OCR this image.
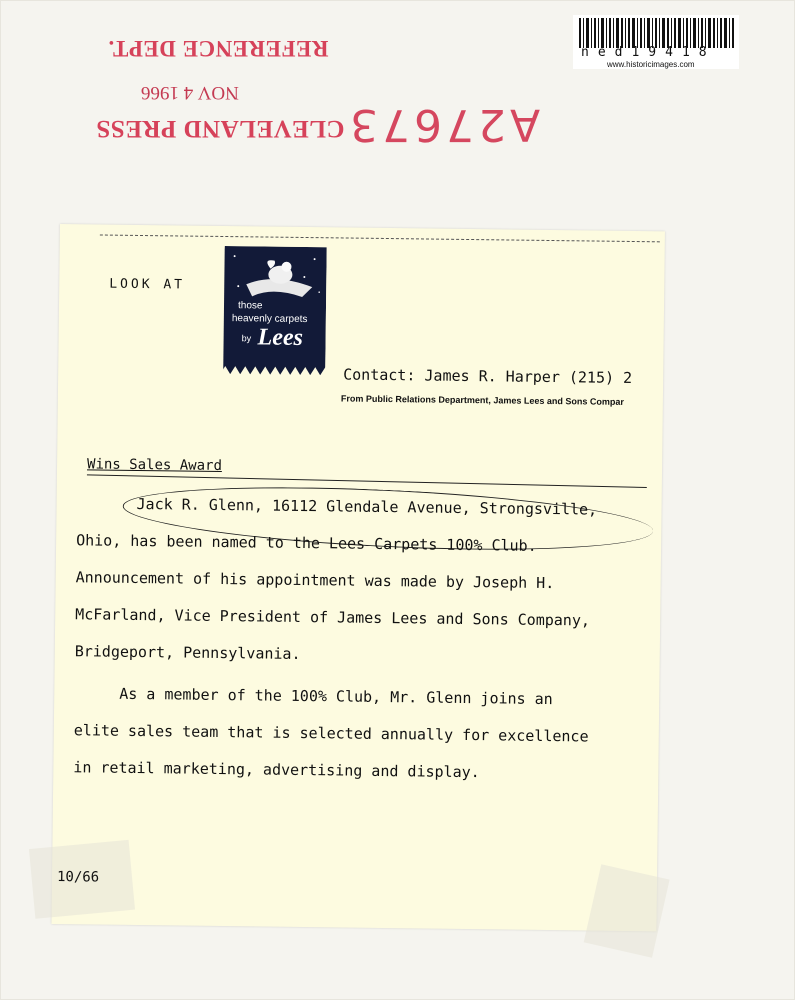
ned19418
www.historicimages.com
REFERENCE DEPT.
NOV 4 1966
CLEVELAND PRESS A27673
LOOK AT
those
heavenly carpets
by Lees
Contact: James R. Harper (215) 2
From Public Relations Department, James Lees and Sons Compar
Wins Sales Award
Jack R. Glenn, 16112 Glendale Avenue, Strongsville,
Ohio, has been named to the Lees Carpets 100% Club.
Announcement of his appointment was made by Joseph H.
McFarland, Vice President of James Lees and Sons Company,
Bridgeport, Pennsylvania.
As a member of the 100% Club, Mr. Glenn joins an
elite sales team that is selected annually for excellence
in retail marketing, advertising and display.
10/66
